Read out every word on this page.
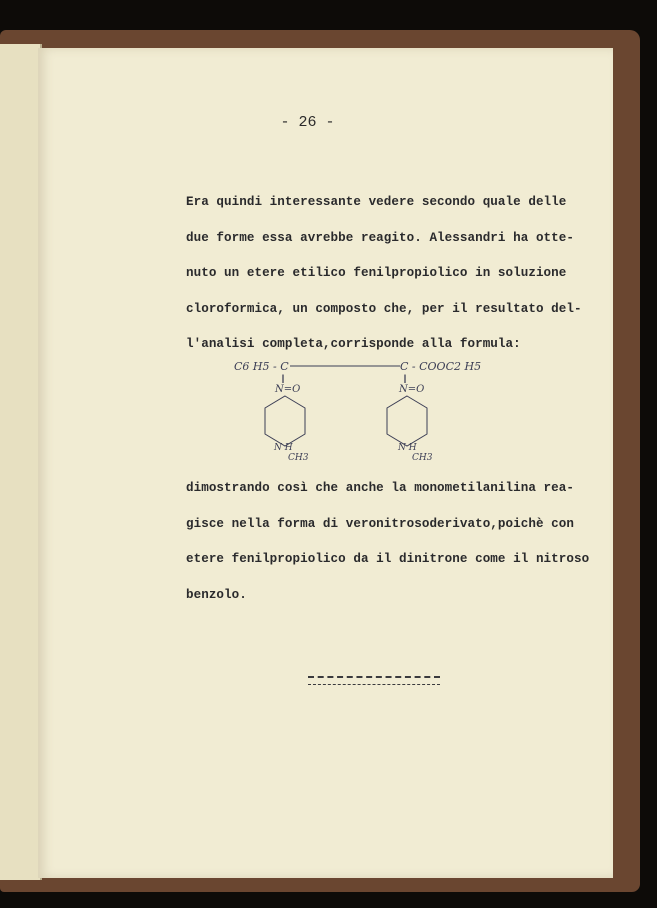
- 26 -
Era quindi interessante vedere secondo quale delle
due forme essa avrebbe reagito. Alessandri ha otte-
nuto un etere etilico fenilpropiolico in soluzione
cloroformica, un composto che, per il resultato del-
l'analisi completa,corrisponde alla formula:
C6 H5 - C	C - COOC2 H5
‖
N=O
N H
CH3
‖
N=O
N H
CH3
dimostrando così che anche la monometilanilina rea-
gisce nella forma di veronitrosoderivato,poichè con
etere fenilpropiolico da il dinitrone come il nitroso
benzolo.
